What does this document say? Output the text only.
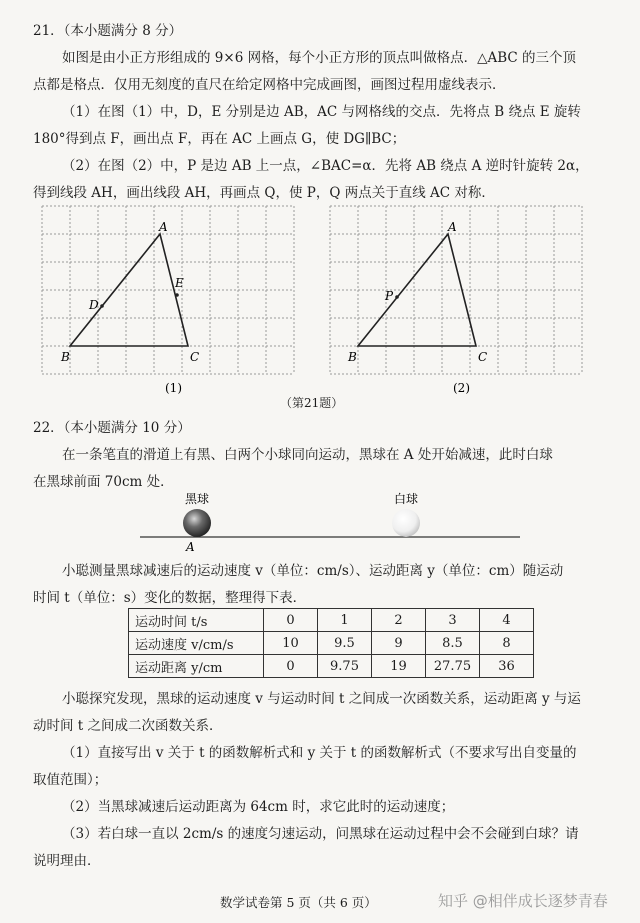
21．（本小题满分 8 分）
如图是由小正方形组成的 9×6 网格，每个小正方形的顶点叫做格点．△ABC 的三个顶
点都是格点．仅用无刻度的直尺在给定网格中完成画图，画图过程用虚线表示．
（1）在图（1）中，D，E 分别是边 AB，AC 与网格线的交点．先将点 B 绕点 E 旋转
180°得到点 F，画出点 F，再在 AC 上画点 G，使 DG∥BC；
（2）在图（2）中，P 是边 AB 上一点，∠BAC=α．先将 AB 绕点 A 逆时针旋转 2α，
得到线段 AH，画出线段 AH，再画点 Q，使 P，Q 两点关于直线 AC 对称．
A
B	C
D
E
(1)
A
B	C
P
(2)
（第21题）
22．（本小题满分 10 分）
在一条笔直的滑道上有黑、白两个小球同向运动，黑球在 A 处开始减速，此时白球
在黑球前面 70cm 处．
黑球	白球
A
小聪测量黑球减速后的运动速度 v（单位：cm/s）、运动距离 y（单位：cm）随运动
时间 t（单位：s）变化的数据，整理得下表．
运动时间 t/s	0	1	2	3	4
运动速度 v/cm/s	10	9.5	9	8.5	8
运动距离 y/cm	0	9.75	19	27.75	36
小聪探究发现，黑球的运动速度 v 与运动时间 t 之间成一次函数关系，运动距离 y 与运
动时间 t 之间成二次函数关系．
（1）直接写出 v 关于 t 的函数解析式和 y 关于 t 的函数解析式（不要求写出自变量的
取值范围）；
（2）当黑球减速后运动距离为 64cm 时，求它此时的运动速度；
（3）若白球一直以 2cm/s 的速度匀速运动，问黑球在运动过程中会不会碰到白球？请
说明理由．
数学试卷第 5 页（共 6 页）	知乎 @相伴成长逐梦青春
